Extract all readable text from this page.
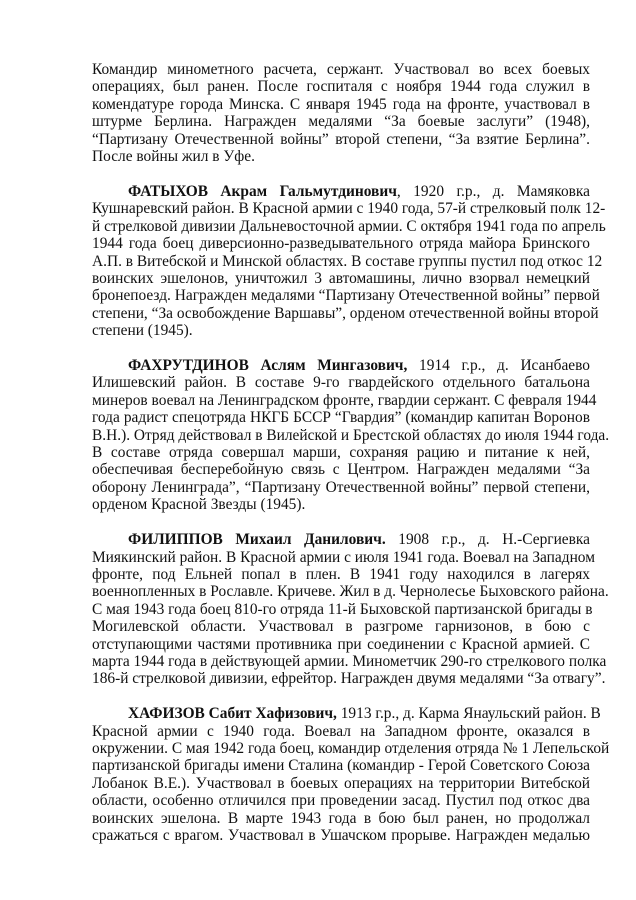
Командир минометного расчета, сержант. Участвовал во всех боевых
операциях, был ранен. После госпиталя с ноября 1944 года служил в
комендатуре города Минска. С января 1945 года на фронте, участвовал в
штурме Берлина. Награжден медалями “За боевые заслуги” (1948),
“Партизану Отечественной войны” второй степени, “За взятие Берлина”.
После войны жил в Уфе.
ФАТЫХОВ Акрам Гальмутдинович, 1920 г.р., д. Мамяковка
Кушнаревский район. В Красной армии с 1940 года, 57-й стрелковый полк 12-
й стрелковой дивизии Дальневосточной армии. С октября 1941 года по апрель
1944 года боец диверсионно-разведывательного отряда майора Бринского
А.П. в Витебской и Минской областях. В составе группы пустил под откос 12
воинских эшелонов, уничтожил 3 автомашины, лично взорвал немецкий
бронепоезд. Награжден медалями “Партизану Отечественной войны” первой
степени, “За освобождение Варшавы”, орденом отечественной войны второй
степени (1945).
ФАХРУТДИНОВ Аслям Мингазович, 1914 г.р., д. Исанбаево
Илишевский район. В составе 9-го гвардейского отдельного батальона
минеров воевал на Ленинградском фронте, гвардии сержант. С февраля 1944
года радист спецотряда НКГБ БССР “Гвардия” (командир капитан Воронов
В.Н.). Отряд действовал в Вилейской и Брестской областях до июля 1944 года.
В составе отряда совершал марши, сохраняя рацию и питание к ней,
обеспечивая бесперебойную связь с Центром. Награжден медалями “За
оборону Ленинграда”, “Партизану Отечественной войны” первой степени,
орденом Красной Звезды (1945).
ФИЛИППОВ Михаил Данилович. 1908 г.р., д. Н.-Сергиевка
Миякинский район. В Красной армии с июля 1941 года. Воевал на Западном
фронте, под Ельней попал в плен. В 1941 году находился в лагерях
военнопленных в Рославле. Кричеве. Жил в д. Чернолесье Быховского района.
С мая 1943 года боец 810-го отряда 11-й Быховской партизанской бригады в
Могилевской области. Участвовал в разгроме гарнизонов, в бою с
отступающими частями противника при соединении с Красной армией. С
марта 1944 года в действующей армии. Минометчик 290-го стрелкового полка
186-й стрелковой дивизии, ефрейтор. Награжден двумя медалями “За отвагу”.
ХАФИЗОВ Сабит Хафизович, 1913 г.р., д. Карма Янаульский район. В
Красной армии с 1940 года. Воевал на Западном фронте, оказался в
окружении. С мая 1942 года боец, командир отделения отряда № 1 Лепельской
партизанской бригады имени Сталина (командир - Герой Советского Союза
Лобанок В.Е.). Участвовал в боевых операциях на территории Витебской
области, особенно отличился при проведении засад. Пустил под откос два
воинских эшелона. В марте 1943 года в бою был ранен, но продолжал
сражаться с врагом. Участвовал в Ушачском прорыве. Награжден медалью
